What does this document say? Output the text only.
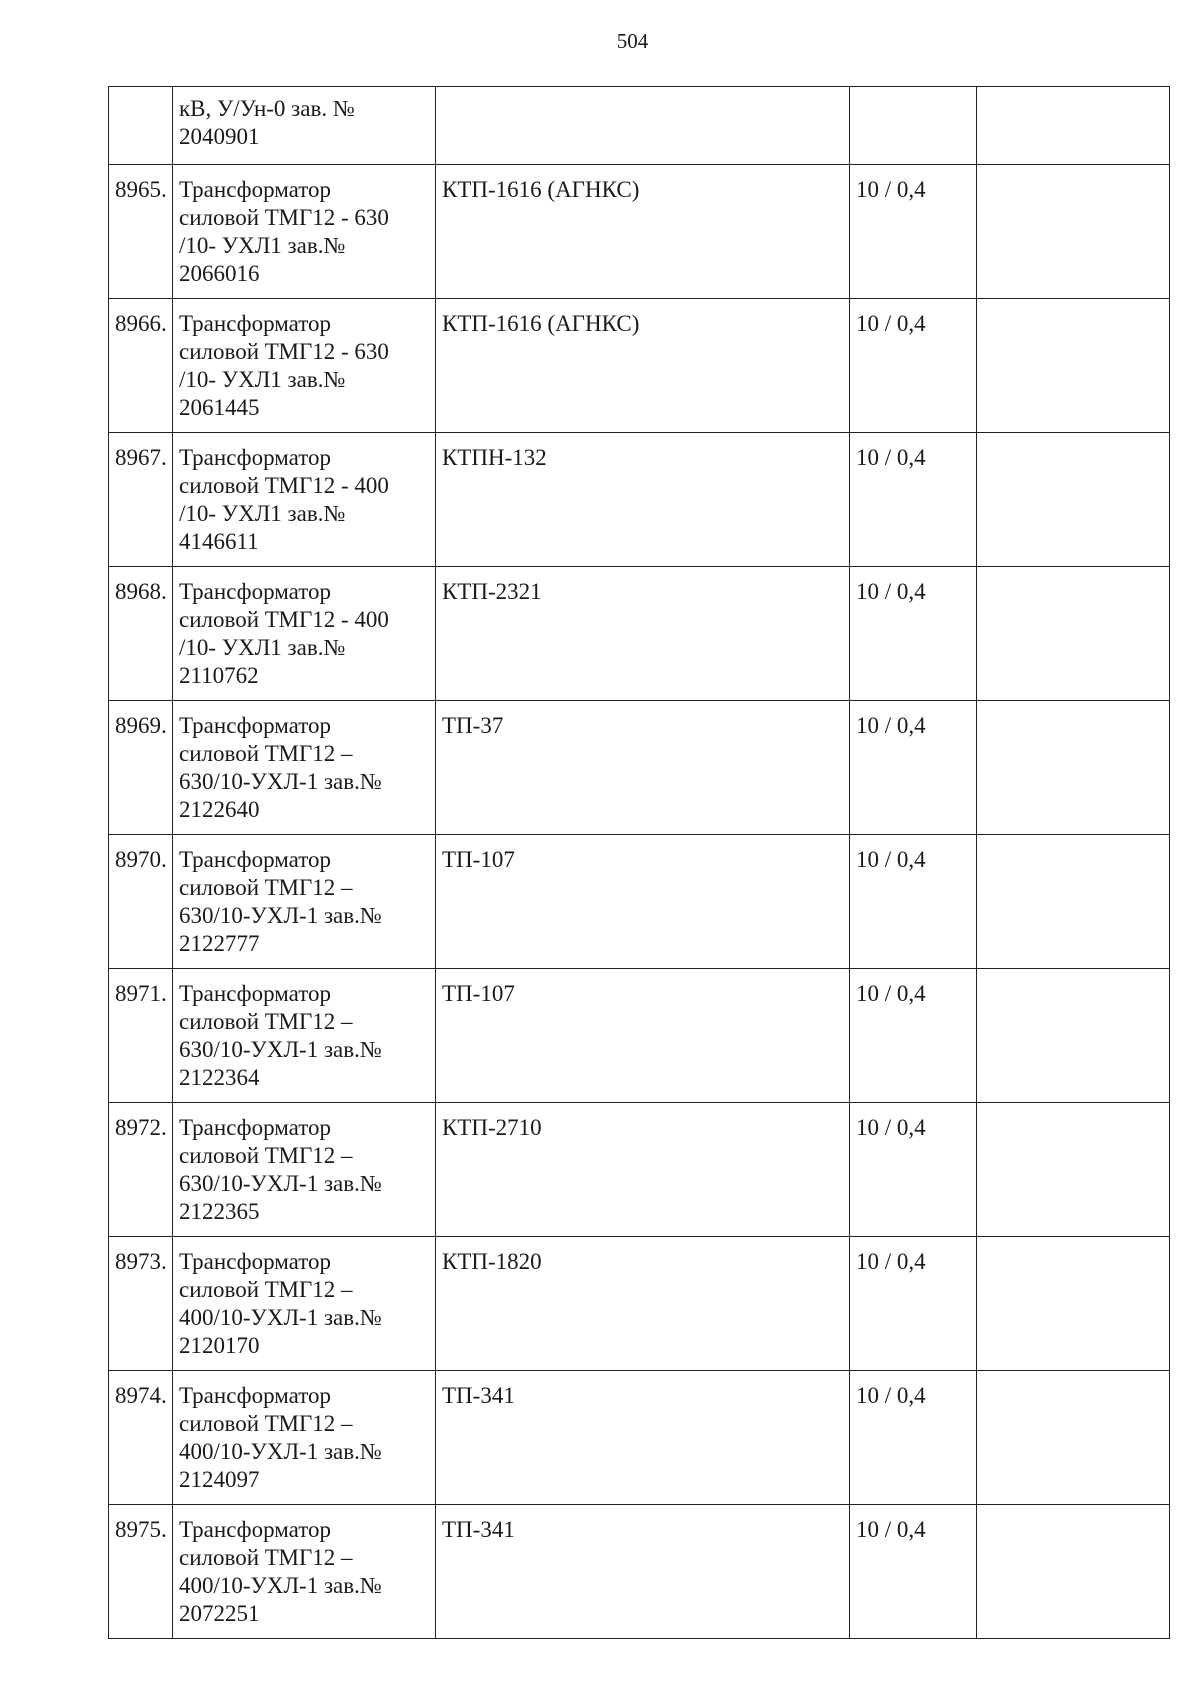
504

	кВ, У/Ун-0 зав. №
2040901			

8965.	Трансформатор
силовой ТМГ12 - 630
/10- УХЛ1 зав.№
2066016	КТП-1616 (АГНКС)	10 / 0,4	
8966.	Трансформатор
силовой ТМГ12 - 630
/10- УХЛ1 зав.№
2061445	КТП-1616 (АГНКС)	10 / 0,4	
8967.	Трансформатор
силовой ТМГ12 - 400
/10- УХЛ1 зав.№
4146611	КТПН-132	10 / 0,4	
8968.	Трансформатор
силовой ТМГ12 - 400
/10- УХЛ1 зав.№
2110762	КТП-2321	10 / 0,4	
8969.	Трансформатор
силовой ТМГ12 –
630/10-УХЛ-1 зав.№
2122640	ТП-37	10 / 0,4	
8970.	Трансформатор
силовой ТМГ12 –
630/10-УХЛ-1 зав.№
2122777	ТП-107	10 / 0,4	
8971.	Трансформатор
силовой ТМГ12 –
630/10-УХЛ-1 зав.№
2122364	ТП-107	10 / 0,4	
8972.	Трансформатор
силовой ТМГ12 –
630/10-УХЛ-1 зав.№
2122365	КТП-2710	10 / 0,4	
8973.	Трансформатор
силовой ТМГ12 –
400/10-УХЛ-1 зав.№
2120170	КТП-1820	10 / 0,4	
8974.	Трансформатор
силовой ТМГ12 –
400/10-УХЛ-1 зав.№
2124097	ТП-341	10 / 0,4	
8975.	Трансформатор
силовой ТМГ12 –
400/10-УХЛ-1 зав.№
2072251	ТП-341	10 / 0,4	
